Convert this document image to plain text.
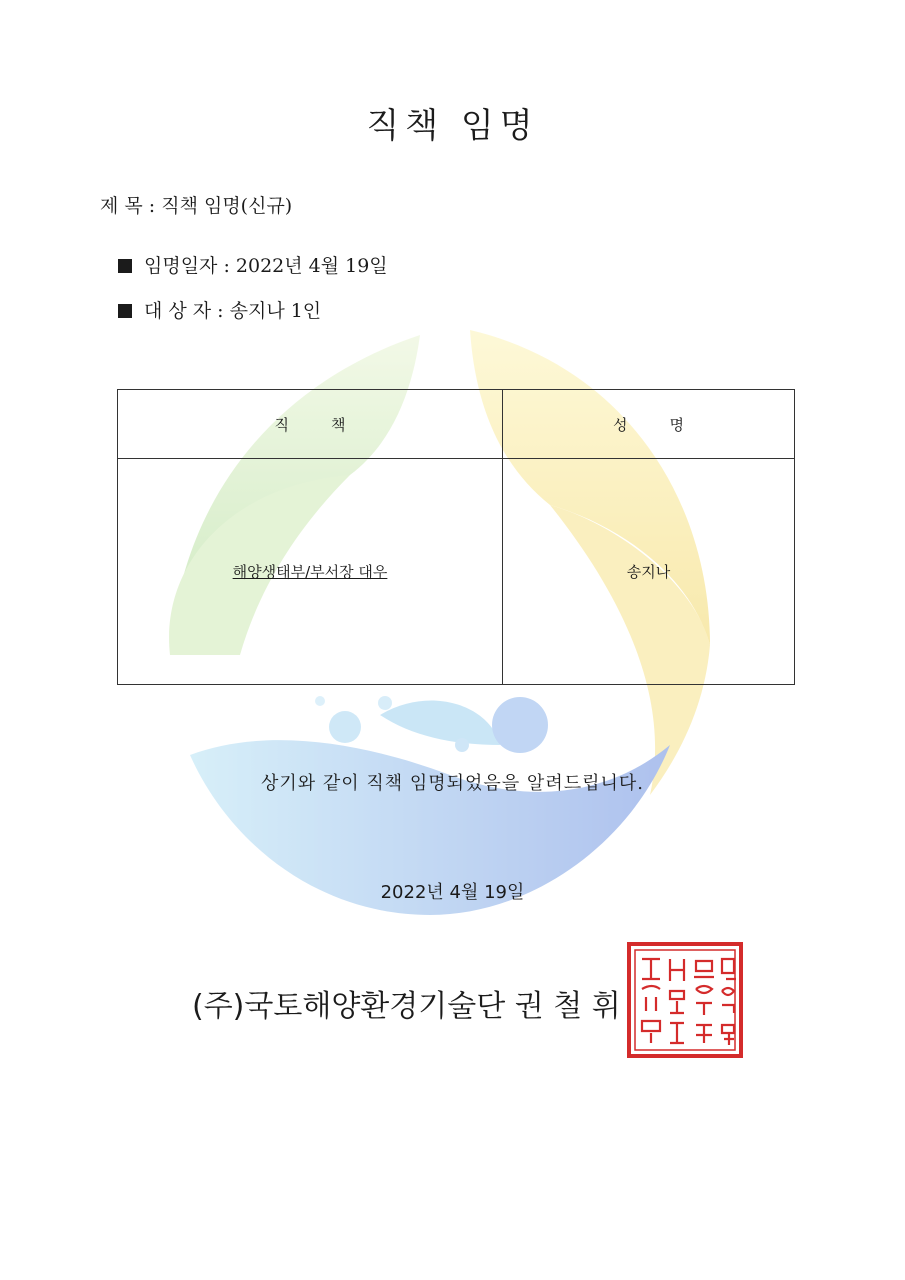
직책 임명
제 목 : 직책 임명(신규)
임명일자 : 2022년 4월 19일
대 상 자 : 송지나 1인
직책	성명
해양생태부/부서장 대우	송지나
상기와 같이 직책 임명되었음을 알려드립니다.
2022년 4월 19일
(주)국토해양환경기술단 권 철 휘
